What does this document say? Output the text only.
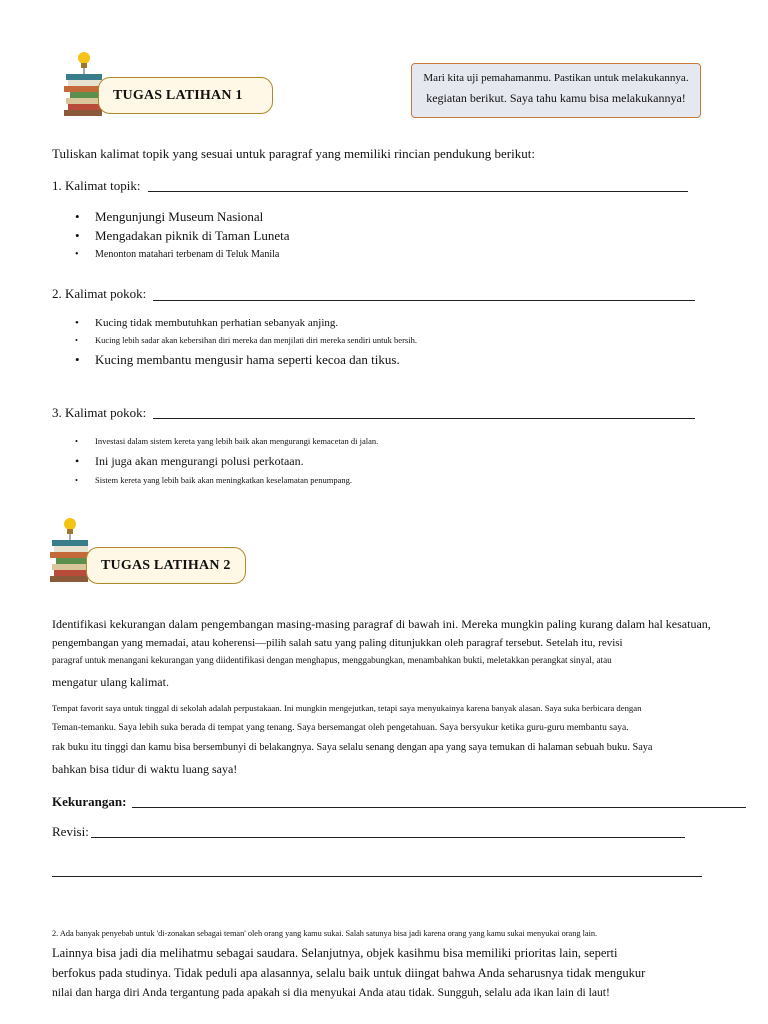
TUGAS LATIHAN 1
Mari kita uji pemahamanmu. Pastikan untuk melakukannya.
kegiatan berikut. Saya tahu kamu bisa melakukannya!
Tuliskan kalimat topik yang sesuai untuk paragraf yang memiliki rincian pendukung berikut:
1. Kalimat topik:
• Mengunjungi Museum Nasional
• Mengadakan piknik di Taman Luneta
• Menonton matahari terbenam di Teluk Manila
2. Kalimat pokok:
• Kucing tidak membutuhkan perhatian sebanyak anjing.
• Kucing lebih sadar akan kebersihan diri mereka dan menjilati diri mereka sendiri untuk bersih.
• Kucing membantu mengusir hama seperti kecoa dan tikus.
3. Kalimat pokok:
• Investasi dalam sistem kereta yang lebih baik akan mengurangi kemacetan di jalan.
• Ini juga akan mengurangi polusi perkotaan.
• Sistem kereta yang lebih baik akan meningkatkan keselamatan penumpang.
TUGAS LATIHAN 2
Identifikasi kekurangan dalam pengembangan masing-masing paragraf di bawah ini. Mereka mungkin paling kurang dalam hal kesatuan,
pengembangan yang memadai, atau koherensi—pilih salah satu yang paling ditunjukkan oleh paragraf tersebut. Setelah itu, revisi
paragraf untuk menangani kekurangan yang diidentifikasi dengan menghapus, menggabungkan, menambahkan bukti, meletakkan perangkat sinyal, atau
mengatur ulang kalimat.
Tempat favorit saya untuk tinggal di sekolah adalah perpustakaan. Ini mungkin mengejutkan, tetapi saya menyukainya karena banyak alasan. Saya suka berbicara dengan
Teman-temanku. Saya lebih suka berada di tempat yang tenang. Saya bersemangat oleh pengetahuan. Saya bersyukur ketika guru-guru membantu saya.
rak buku itu tinggi dan kamu bisa bersembunyi di belakangnya. Saya selalu senang dengan apa yang saya temukan di halaman sebuah buku. Saya
bahkan bisa tidur di waktu luang saya!
Kekurangan:
Revisi:
2. Ada banyak penyebab untuk 'di-zonakan sebagai teman' oleh orang yang kamu sukai. Salah satunya bisa jadi karena orang yang kamu sukai menyukai orang lain.
Lainnya bisa jadi dia melihatmu sebagai saudara. Selanjutnya, objek kasihmu bisa memiliki prioritas lain, seperti
berfokus pada studinya. Tidak peduli apa alasannya, selalu baik untuk diingat bahwa Anda seharusnya tidak mengukur
nilai dan harga diri Anda tergantung pada apakah si dia menyukai Anda atau tidak. Sungguh, selalu ada ikan lain di laut!
